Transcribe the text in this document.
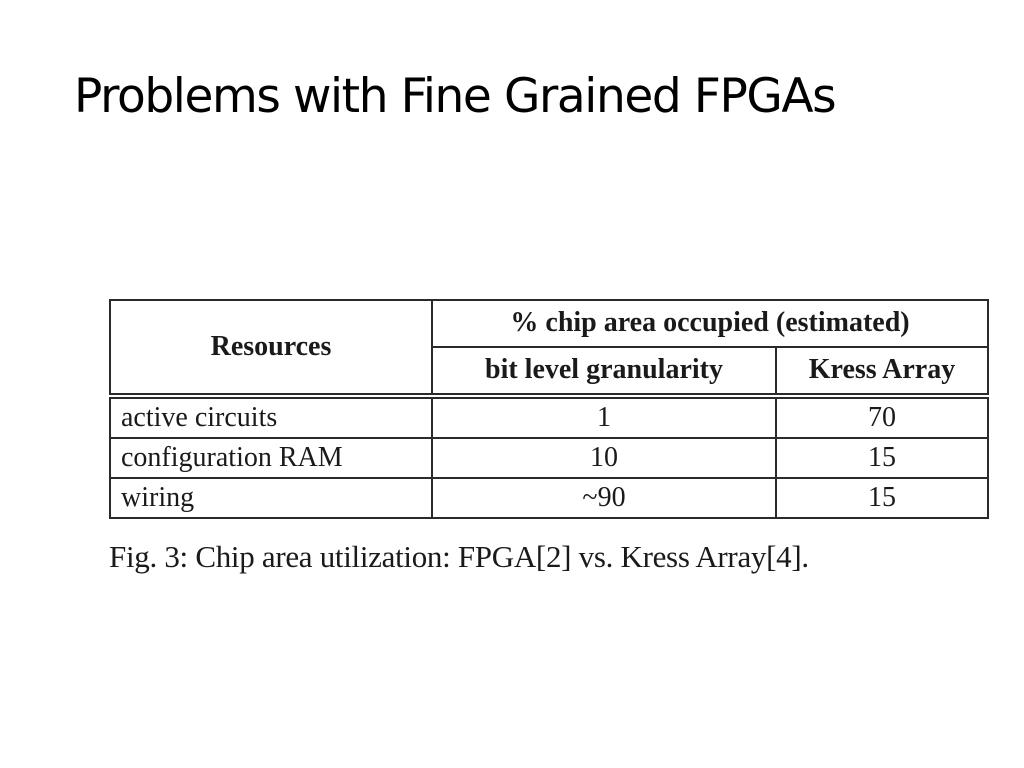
Problems with Fine Grained FPGAs
Resources	% chip area occupied (estimated)	
	bit level granularity	Kress Array
active circuits	1	70
configuration RAM	10	15
wiring	~90	15
Fig. 3: Chip area utilization: FPGA[2] vs. Kress Array[4].
